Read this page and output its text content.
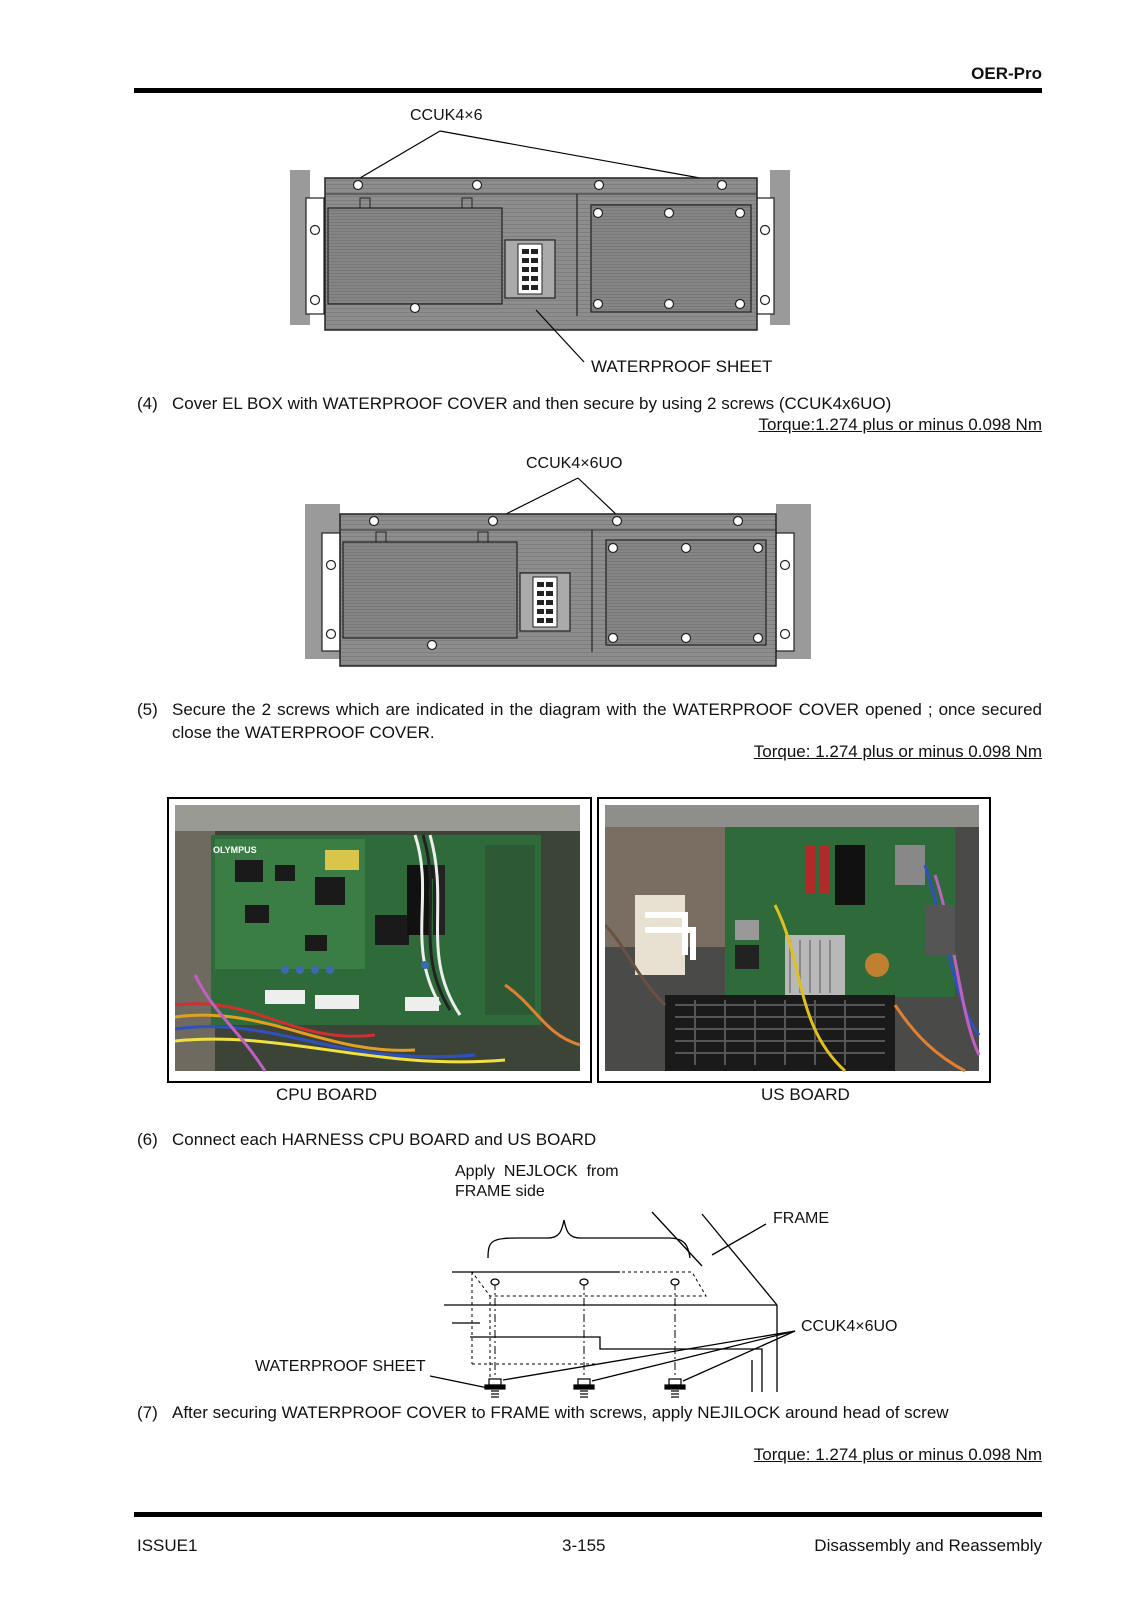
OER-Pro
CCUK4×6
WATERPROOF SHEET
(4) Cover EL BOX with WATERPROOF COVER and then secure by using 2 screws (CCUK4x6UO)
Torque:1.274 plus or minus 0.098 Nm
CCUK4×6UO
(5) Secure the 2 screws which are indicated in the diagram with the WATERPROOF COVER opened ; once secured close the WATERPROOF COVER.
Torque: 1.274 plus or minus 0.098 Nm
OLYMPUS
CPU BOARD	US BOARD
(6) Connect each HARNESS CPU BOARD and US BOARD
Apply  NEJLOCK  from
FRAME side
FRAME
CCUK4×6UO
WATERPROOF SHEET
(7) After securing WATERPROOF COVER to FRAME with screws, apply NEJILOCK around head of screw
Torque: 1.274 plus or minus 0.098 Nm
ISSUE1	3-155	Disassembly and Reassembly
